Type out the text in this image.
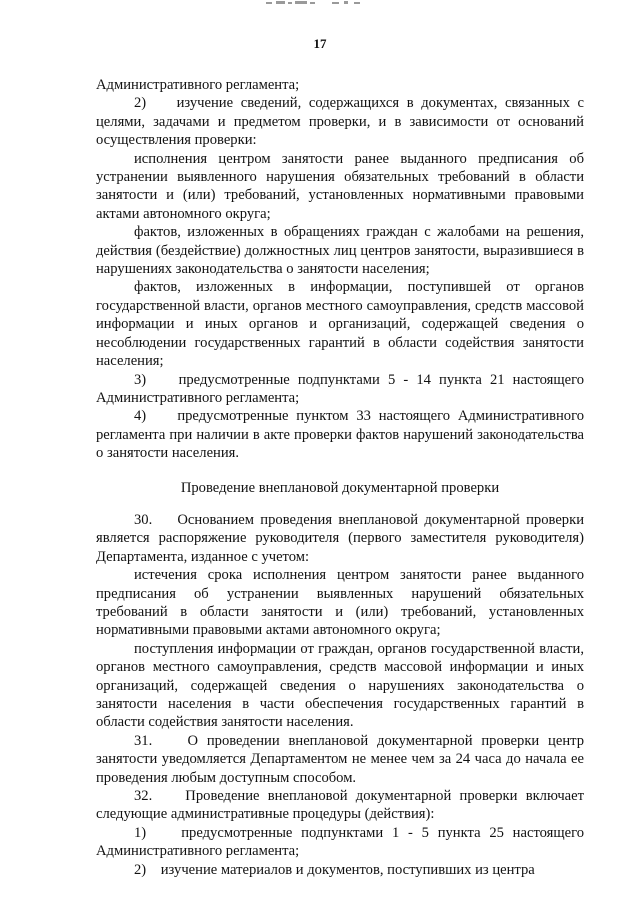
17

Административного регламента;

2)    изучение сведений, содержащихся в документах, связанных с целями, задачами и предметом проверки, и в зависимости от оснований осуществления проверки:

исполнения центром занятости ранее выданного предписания об устранении выявленного нарушения обязательных требований в области занятости и (или) требований, установленных нормативными правовыми актами автономного округа;

фактов, изложенных в обращениях граждан с жалобами на решения, действия (бездействие) должностных лиц центров занятости, выразившиеся в нарушениях законодательства о занятости населения;

фактов, изложенных в информации, поступившей от органов государственной власти, органов местного самоуправления, средств массовой информации и иных органов и организаций, содержащей сведения о несоблюдении государственных гарантий в области содействия занятости населения;

3)    предусмотренные подпунктами 5 - 14 пункта 21 настоящего Административного регламента;

4)    предусмотренные пунктом 33 настоящего Административного регламента при наличии в акте проверки фактов нарушений законодательства о занятости населения.

Проведение внеплановой документарной проверки

30.    Основанием проведения внеплановой документарной проверки является распоряжение руководителя (первого заместителя руководителя) Департамента, изданное с учетом:

истечения срока исполнения центром занятости ранее выданного предписания об устранении выявленных нарушений обязательных требований в области занятости и (или) требований, установленных нормативными правовыми актами автономного округа;

поступления информации от граждан, органов государственной власти, органов местного самоуправления, средств массовой информации и иных организаций, содержащей сведения о нарушениях законодательства о занятости населения в части обеспечения государственных гарантий в области содействия занятости населения.

31.    О проведении внеплановой документарной проверки центр занятости уведомляется Департаментом не менее чем за 24 часа до начала ее проведения любым доступным способом.

32.    Проведение внеплановой документарной проверки включает следующие административные процедуры (действия):

1)    предусмотренные подпунктами 1 - 5 пункта 25 настоящего Административного регламента;

2)    изучение материалов и документов, поступивших из центра
